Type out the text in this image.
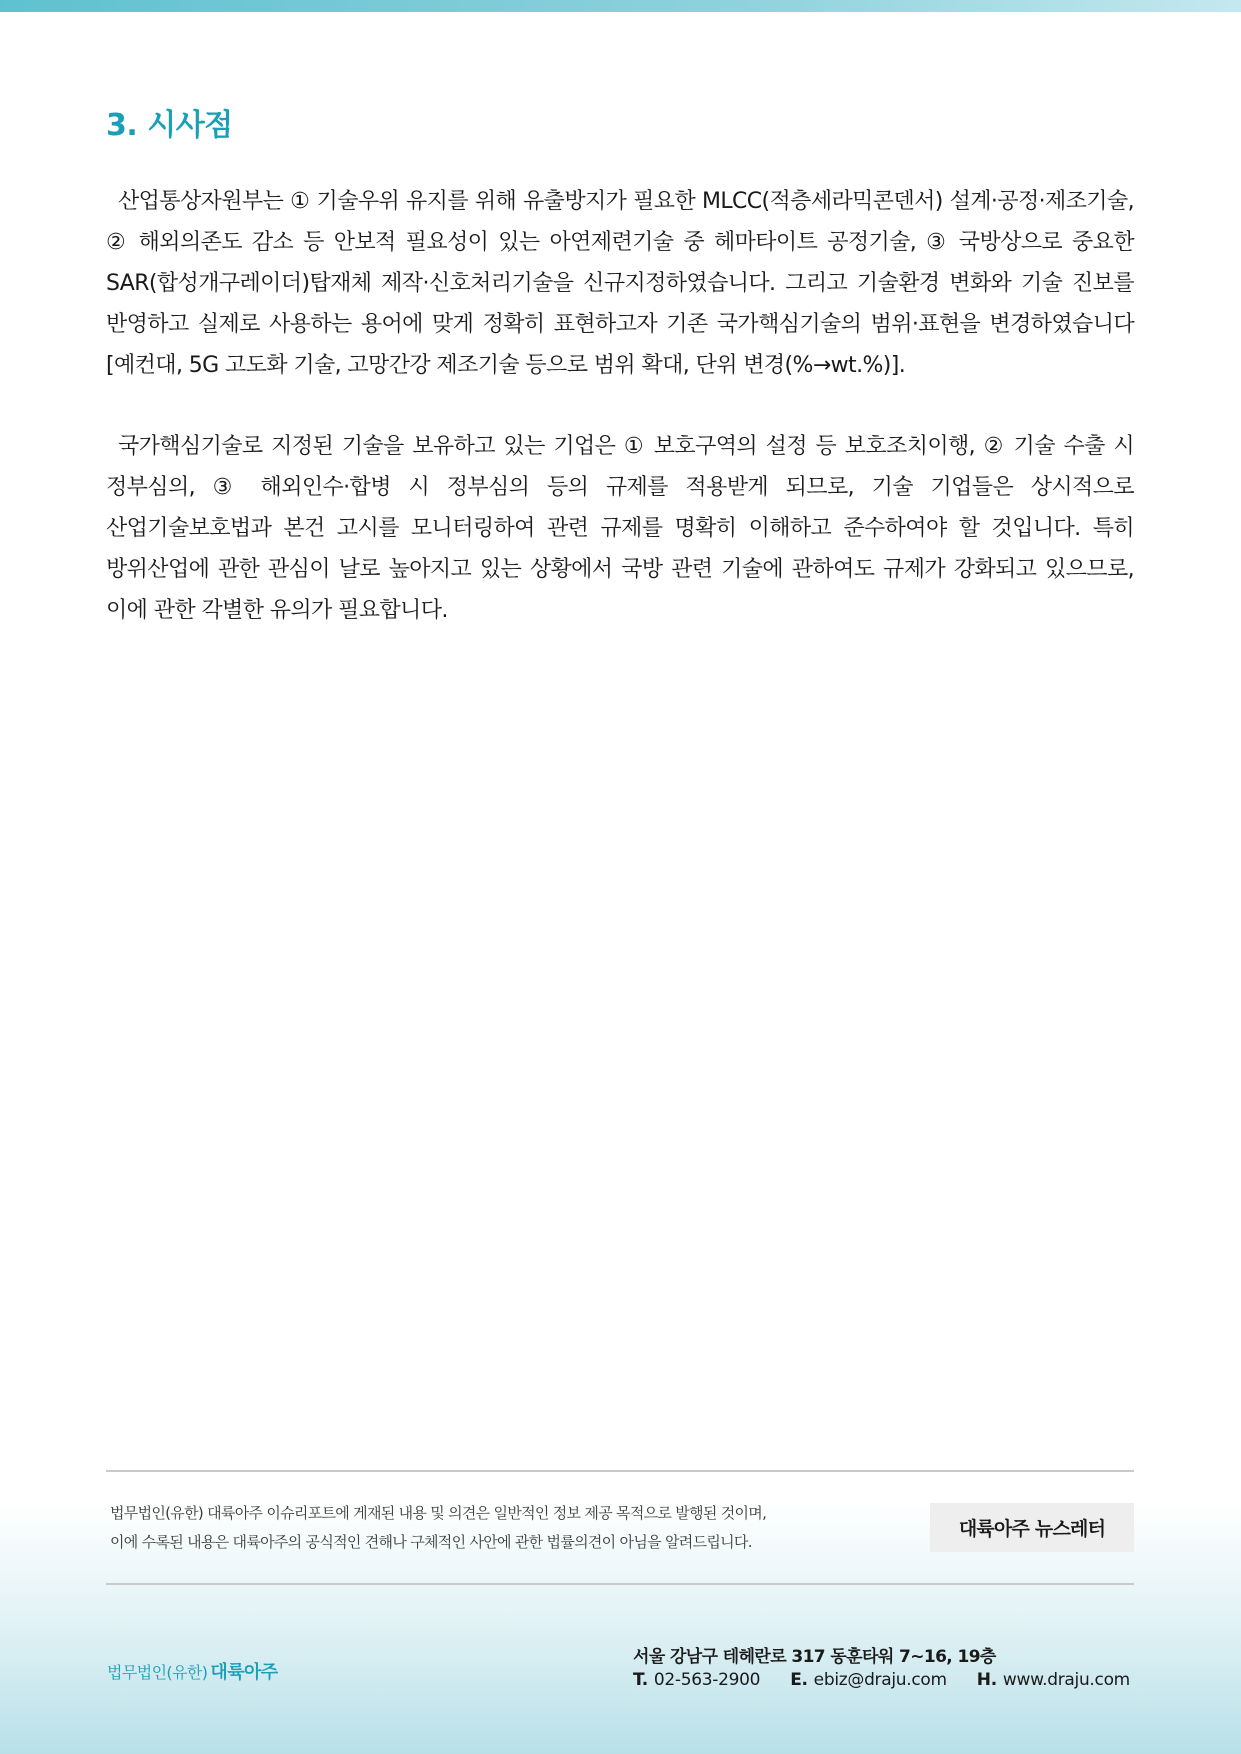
3. 시사점

산업통상자원부는 ① 기술우위 유지를 위해 유출방지가 필요한 MLCC(적층세라믹콘덴서) 설계·공정·제조기술, ② 해외의존도 감소 등 안보적 필요성이 있는 아연제련기술 중 헤마타이트 공정기술, ③ 국방상으로 중요한 SAR(합성개구레이더)탑재체 제작·신호처리기술을 신규지정하였습니다. 그리고 기술환경 변화와 기술 진보를 반영하고 실제로 사용하는 용어에 맞게 정확히 표현하고자 기존 국가핵심기술의 범위·표현을 변경하였습니다[예컨대, 5G 고도화 기술, 고망간강 제조기술 등으로 범위 확대, 단위 변경(%→wt.%)].

국가핵심기술로 지정된 기술을 보유하고 있는 기업은 ① 보호구역의 설정 등 보호조치이행, ② 기술 수출 시 정부심의, ③ 해외인수·합병 시 정부심의 등의 규제를 적용받게 되므로, 기술 기업들은 상시적으로 산업기술보호법과 본건 고시를 모니터링하여 관련 규제를 명확히 이해하고 준수하여야 할 것입니다. 특히 방위산업에 관한 관심이 날로 높아지고 있는 상황에서 국방 관련 기술에 관하여도 규제가 강화되고 있으므로, 이에 관한 각별한 유의가 필요합니다.

법무법인(유한) 대륙아주 이슈리포트에 게재된 내용 및 의견은 일반적인 정보 제공 목적으로 발행된 것이며,
이에 수록된 내용은 대륙아주의 공식적인 견해나 구체적인 사안에 관한 법률의견이 아님을 알려드립니다.
대륙아주 뉴스레터
법무법인(유한) 대륙아주
서울 강남구 테헤란로 317 동훈타워 7~16, 19층
T. 02-563-2900 E. ebiz@draju.com H. www.draju.com
